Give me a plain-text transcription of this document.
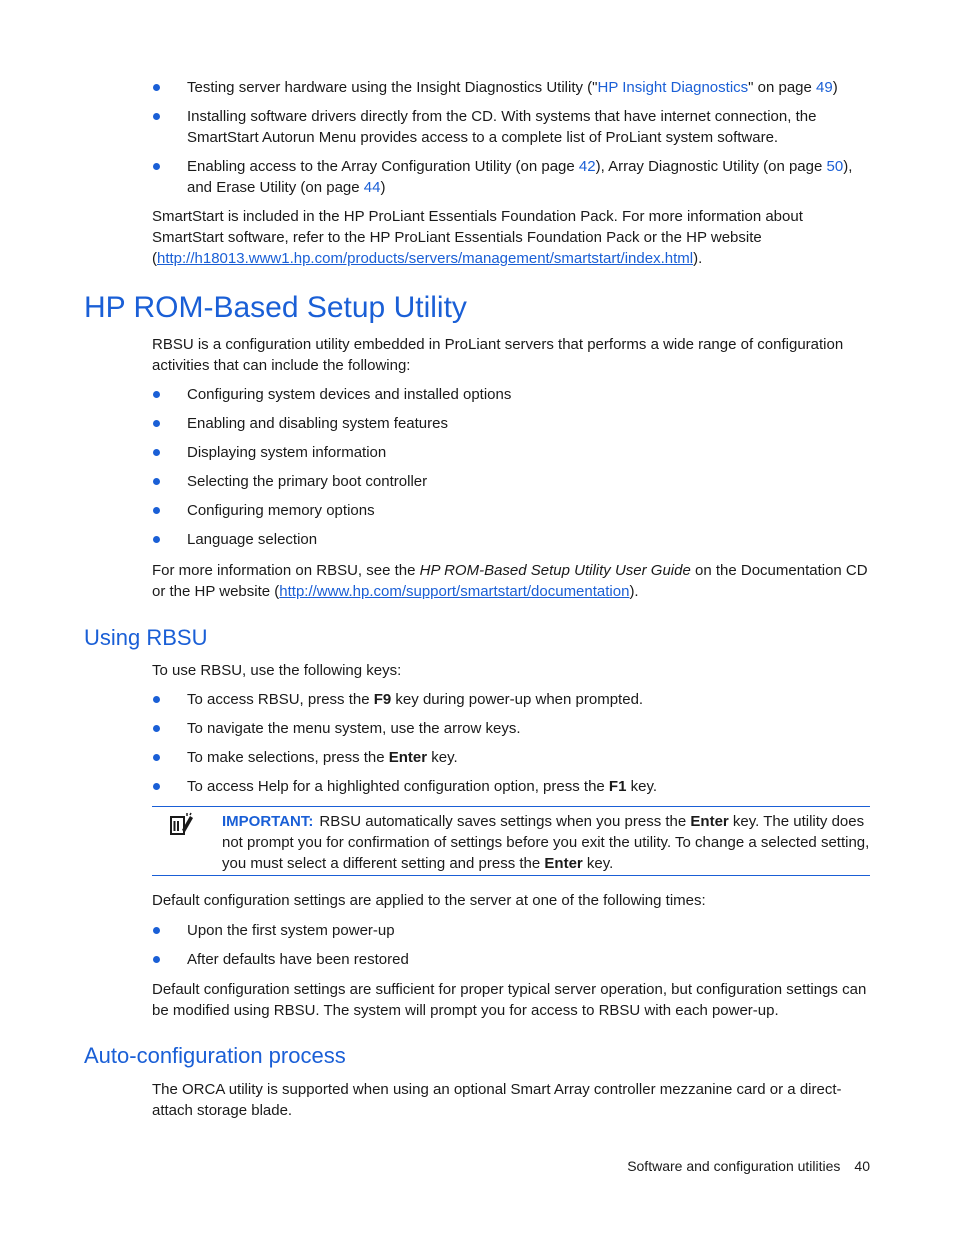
Testing server hardware using the Insight Diagnostics Utility ("HP Insight Diagnostics" on page 49)
Installing software drivers directly from the CD. With systems that have internet connection, the SmartStart Autorun Menu provides access to a complete list of ProLiant system software.
Enabling access to the Array Configuration Utility (on page 42), Array Diagnostic Utility (on page 50), and Erase Utility (on page 44)

SmartStart is included in the HP ProLiant Essentials Foundation Pack. For more information about SmartStart software, refer to the HP ProLiant Essentials Foundation Pack or the HP website (http://h18013.www1.hp.com/products/servers/management/smartstart/index.html).

HP ROM-Based Setup Utility

RBSU is a configuration utility embedded in ProLiant servers that performs a wide range of configuration activities that can include the following:

Configuring system devices and installed options
Enabling and disabling system features
Displaying system information
Selecting the primary boot controller
Configuring memory options
Language selection

For more information on RBSU, see the HP ROM-Based Setup Utility User Guide on the Documentation CD or the HP website (http://www.hp.com/support/smartstart/documentation).

Using RBSU

To use RBSU, use the following keys:

To access RBSU, press the F9 key during power-up when prompted.
To navigate the menu system, use the arrow keys.
To make selections, press the Enter key.
To access Help for a highlighted configuration option, press the F1 key.
IMPORTANT: RBSU automatically saves settings when you press the Enter key. The utility does not prompt you for confirmation of settings before you exit the utility. To change a selected setting, you must select a different setting and press the Enter key.

Default configuration settings are applied to the server at one of the following times:

Upon the first system power-up
After defaults have been restored

Default configuration settings are sufficient for proper typical server operation, but configuration settings can be modified using RBSU. The system will prompt you for access to RBSU with each power-up.

Auto-configuration process

The ORCA utility is supported when using an optional Smart Array controller mezzanine card or a direct-attach storage blade.

Software and configuration utilities 40
